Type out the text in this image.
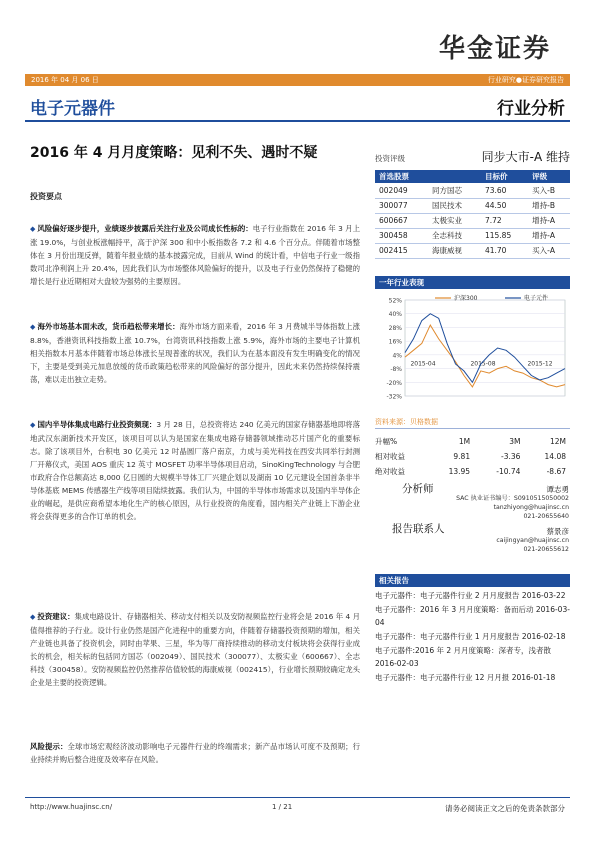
华金证券
2016 年 04 月 06 日	行业研究●证券研究报告
电子元器件	行业分析
2016 年 4 月月度策略：见利不失、遇时不疑
投资要点
◆ 风险偏好逐步提升，业绩逐步披露后关注行业及公司成长性标的：电子行业指数在 2016 年 3 月上涨 19.0%，与创业板涨幅持平，高于沪深 300 和中小板指数各 7.2 和 4.6 个百分点。伴随着市场整体在 3 月份出现反弹，随着年报业绩的基本披露完成，目前从 Wind 的统计看，中信电子行业一级指数司北净利润上升 20.4%，因此我们认为市场整体风险偏好的提升，以及电子行业仍然保持了稳健的增长是行业近期相对大盘较为强势的主要原因。
◆ 海外市场基本面未改，货币趋松带来增长：海外市场方面来看，2016 年 3 月费城半导体指数上涨 8.8%，香港资讯科技指数上涨 10.7%，台湾资讯科技指数上涨 5.9%，海外市场的主要电子计算机相关指数本月基本伴随着市场总体涨长呈现普涨的状况，我们认为在基本面没有发生明确变化的情况下，主要是受到美元加息放缓的货币政策趋松带来的风险偏好的部分提升，因此未来仍然持续保持震荡，难以走出独立走势。
◆ 国内半导体集成电路行业投资频现：3 月 28 日，总投资将达 240 亿美元的国家存储器基地即将落地武汉东湖新技术开发区，该项目可以认为是国家在集成电路存储器领域推动芯片国产化的重要标志。除了该项目外，台积电 30 亿美元 12 吋晶圆厂落户南京，力成与美光科技在西安共同举行封测厂开幕仪式，美国 AOS 重庆 12 英寸 MOSFET 功率半导体项目启动，SinoKingTechnology 与合肥市政府合作总额高达 8,000 亿日圆的大规模半导体工厂兴建企划以及湖南 10 亿元建设全国首条非半导体基底 MEMS 传感器生产线等项目陆续披露。我们认为，中国的半导体市场需求以及国内半导体企业的崛起，是供应商希望本地化生产的核心原因，从行业投资的角度看，国内相关产业链上下游企业将会获得更多的合作订单的机会。
◆ 投资建议：集成电路设计、存储器相关、移动支付相关以及安防视频监控行业将会是 2016 年 4 月值得推荐的子行业。设计行业仍然是国产化进程中的重要方向，伴随着存储器投资预期的增加，相关产业链也具备了投资机会，同时由苹果、三星，华为等厂商持续推动的移动支付板块将会获得行业成长的机会，相关标的包括同方国芯（002049）、国民技术（300077）、太极实业（600667）、全志科技（300458）。安防视频监控仍然推荐估值较低的海康威视（002415），行业增长预期较确定龙头企业是主要的投资逻辑。
风险提示：全球市场宏观经济波动影响电子元器件行业的终端需求；新产品市场认可度不及预期；行业持续并购后整合进度及效率存在风险。
投资评级	同步大市-A 维持
首选股票		目标价	评级
002049	同方国芯	73.60	买入-B
300077	国民技术	44.50	增持-B
600667	太极实业	7.72	增持-A
300458	全志科技	115.85	增持-A
002415	海康威视	41.70	买入-A
一年行业表现
52%
40%
28%
16%
4%
-8%
-20%
-32%
2015-04	2015-08	2015-12
沪深300	电子元件
资料来源：贝格数据
升幅%	1M	3M	12M
相对收益	9.81	-3.36	14.08
绝对收益	13.95	-10.74	-8.67
分析师	谭志勇
SAC 执业证书编号：S0910515050002
tanzhiyong@huajinsc.cn
021-20655640
报告联系人	蔡景彦
caijingyan@huajinsc.cn
021-20655612
相关报告
电子元器件：电子元器件行业 2 月月度报告 2016-03-22
电子元器件：2016 年 3 月月度策略：备而后动 2016-03-04
电子元器件：电子元器件行业 1 月月度报告 2016-02-18
电子元器件:2016 年 2 月月度策略：深者专，浅者散 2016-02-03
电子元器件：电子元器件行业 12 月月报 2016-01-18
http://www.huajinsc.cn/	1 / 21	请务必阅读正文之后的免责条款部分
